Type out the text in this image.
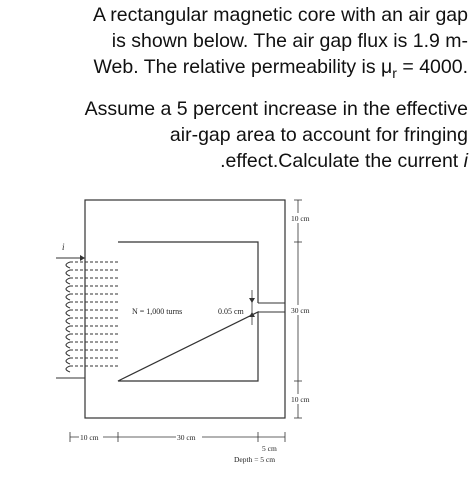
A rectangular magnetic core with an air gap
is shown below. The air gap flux is 1.9 m-
Web. The relative permeability is $\mu_r = 4000$.
Assume a 5 percent increase in the effective
air-gap area to account for fringing
.effect.Calculate the current i
i
N = 1,000 turns	0.05 cm
10 cm
30 cm
10 cm
10 cm	30 cm
5 cm
Depth = 5 cm
